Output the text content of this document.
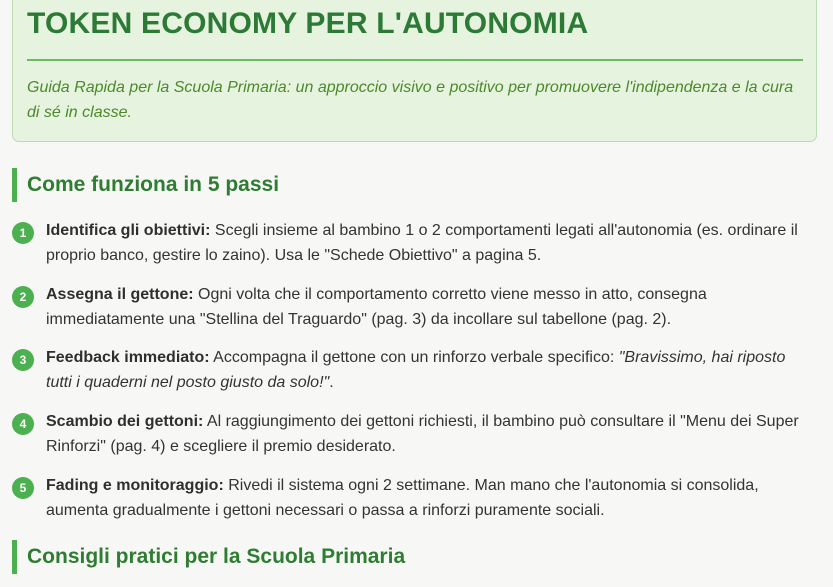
TOKEN ECONOMY PER L'AUTONOMIA

Guida Rapida per la Scuola Primaria: un approccio visivo e positivo per promuovere l'indipendenza e la cura di sé in classe.

Come funziona in 5 passi
1	Identifica gli obiettivi: Scegli insieme al bambino 1 o 2 comportamenti legati all'autonomia (es. ordinare il proprio banco, gestire lo zaino). Usa le "Schede Obiettivo" a pagina 5.
2	Assegna il gettone: Ogni volta che il comportamento corretto viene messo in atto, consegna immediatamente una "Stellina del Traguardo" (pag. 3) da incollare sul tabellone (pag. 2).
3	Feedback immediato: Accompagna il gettone con un rinforzo verbale specifico: "Bravissimo, hai riposto tutti i quaderni nel posto giusto da solo!".
4	Scambio dei gettoni: Al raggiungimento dei gettoni richiesti, il bambino può consultare il "Menu dei Super Rinforzi" (pag. 4) e scegliere il premio desiderato.
5	Fading e monitoraggio: Rivedi il sistema ogni 2 settimane. Man mano che l'autonomia si consolida, aumenta gradualmente i gettoni necessari o passa a rinforzi puramente sociali.
Consigli pratici per la Scuola Primaria
